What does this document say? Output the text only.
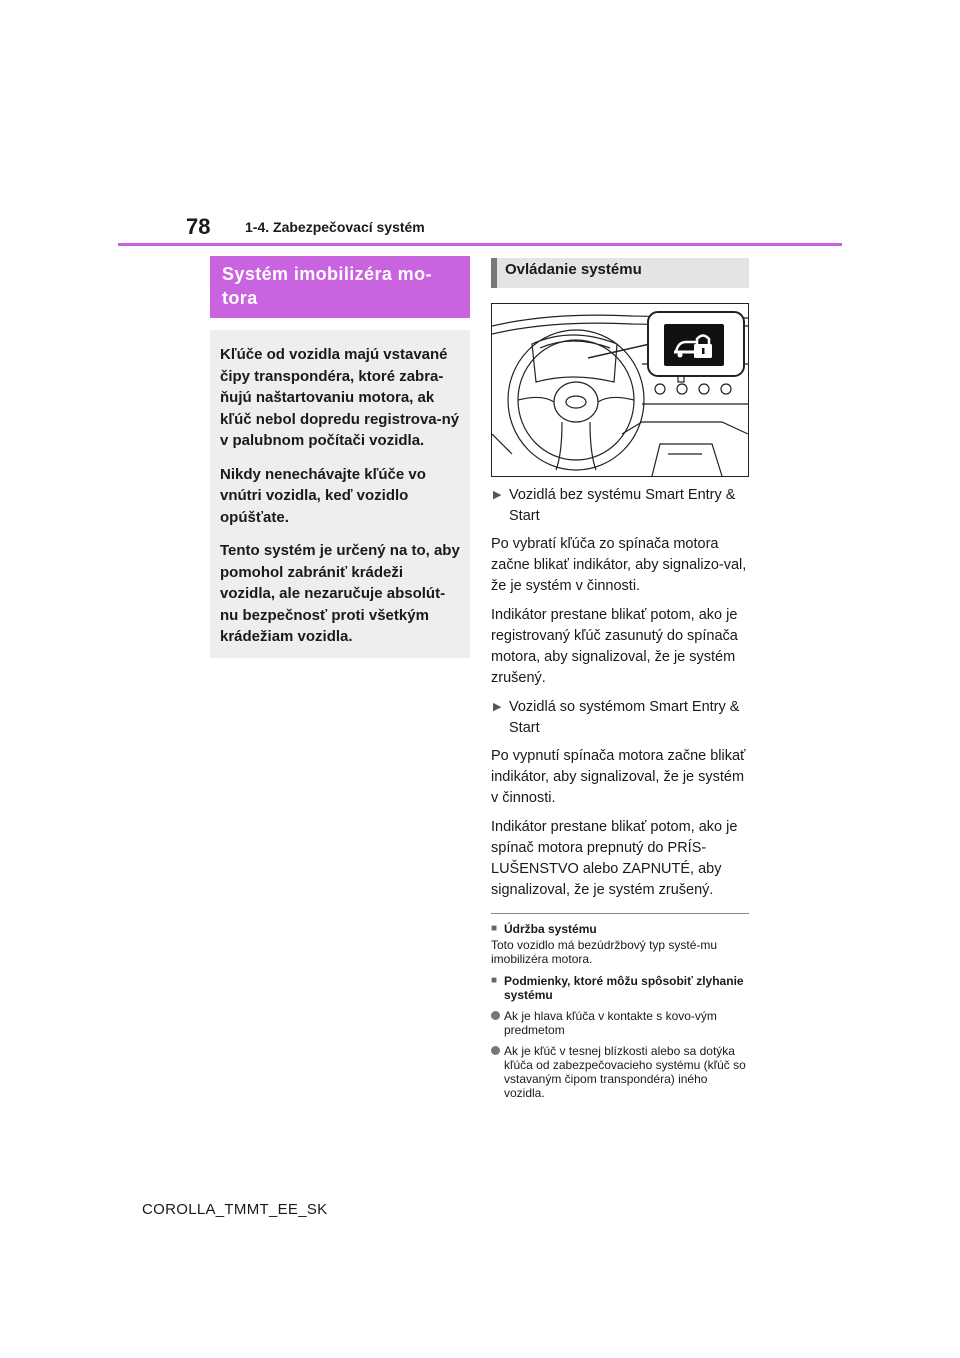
78 1-4. Zabezpečovací systém
Systém imobilizéra mo-tora

Kľúče od vozidla majú vstavané čipy transpondéra, ktoré zabra-ňujú naštartovaniu motora, ak kľúč nebol dopredu registrova-ný v palubnom počítači vozidla.

Nikdy nenechávajte kľúče vo vnútri vozidla, keď vozidlo opúšťate.

Tento systém je určený na to, aby pomohol zabrániť krádeži vozidla, ale nezaručuje absolút-nu bezpečnosť proti všetkým krádežiam vozidla.

Ovládanie systému
▶ Vozidlá bez systému Smart Entry & Start
Po vybratí kľúča zo spínača motora začne blikať indikátor, aby signalizo-val, že je systém v činnosti.
Indikátor prestane blikať potom, ako je registrovaný kľúč zasunutý do spínača motora, aby signalizoval, že je systém zrušený.
▶ Vozidlá so systémom Smart Entry & Start
Po vypnutí spínača motora začne blikať indikátor, aby signalizoval, že je systém v činnosti.
Indikátor prestane blikať potom, ako je spínač motora prepnutý do PRÍS-LUŠENSTVO alebo ZAPNUTÉ, aby signalizoval, že je systém zrušený.
■ Údržba systému
Toto vozidlo má bezúdržbový typ systé-mu imobilizéra motora.
■ Podmienky, ktoré môžu spôsobiť zlyhanie systému
Ak je hlava kľúča v kontakte s kovo-vým predmetom
Ak je kľúč v tesnej blízkosti alebo sa dotýka kľúča od zabezpečovacieho systému (kľúč so vstavaným čipom transpondéra) iného vozidla.
COROLLA_TMMT_EE_SK
